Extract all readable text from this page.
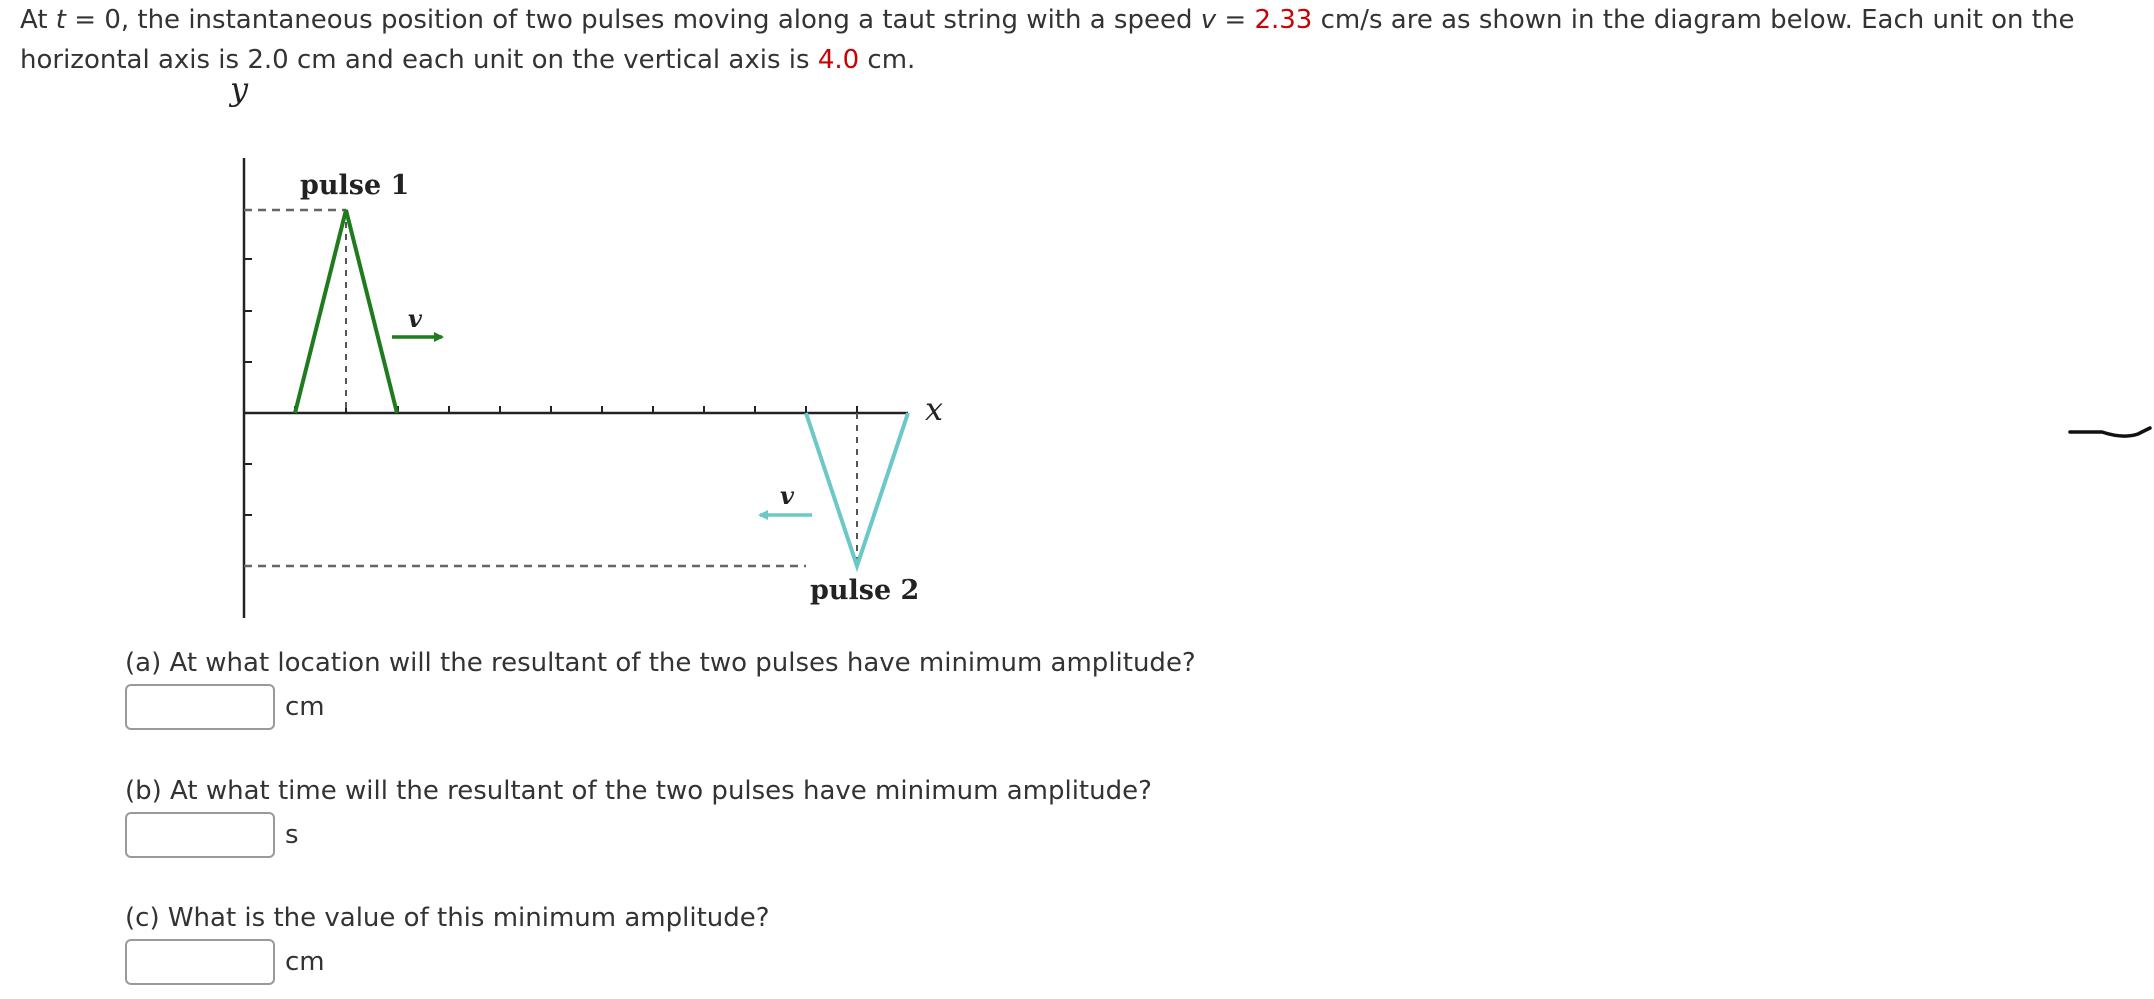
At t = 0, the instantaneous position of two pulses moving along a taut string with a speed v = 2.33 cm/s are as shown in the diagram below. Each unit on the horizontal axis is 2.0 cm and each unit on the vertical axis is 4.0 cm.

y
x
pulse 1
v
pulse 2
v

(a) At what location will the resultant of the two pulses have minimum amplitude?

cm

(b) At what time will the resultant of the two pulses have minimum amplitude?

s

(c) What is the value of this minimum amplitude?

cm
